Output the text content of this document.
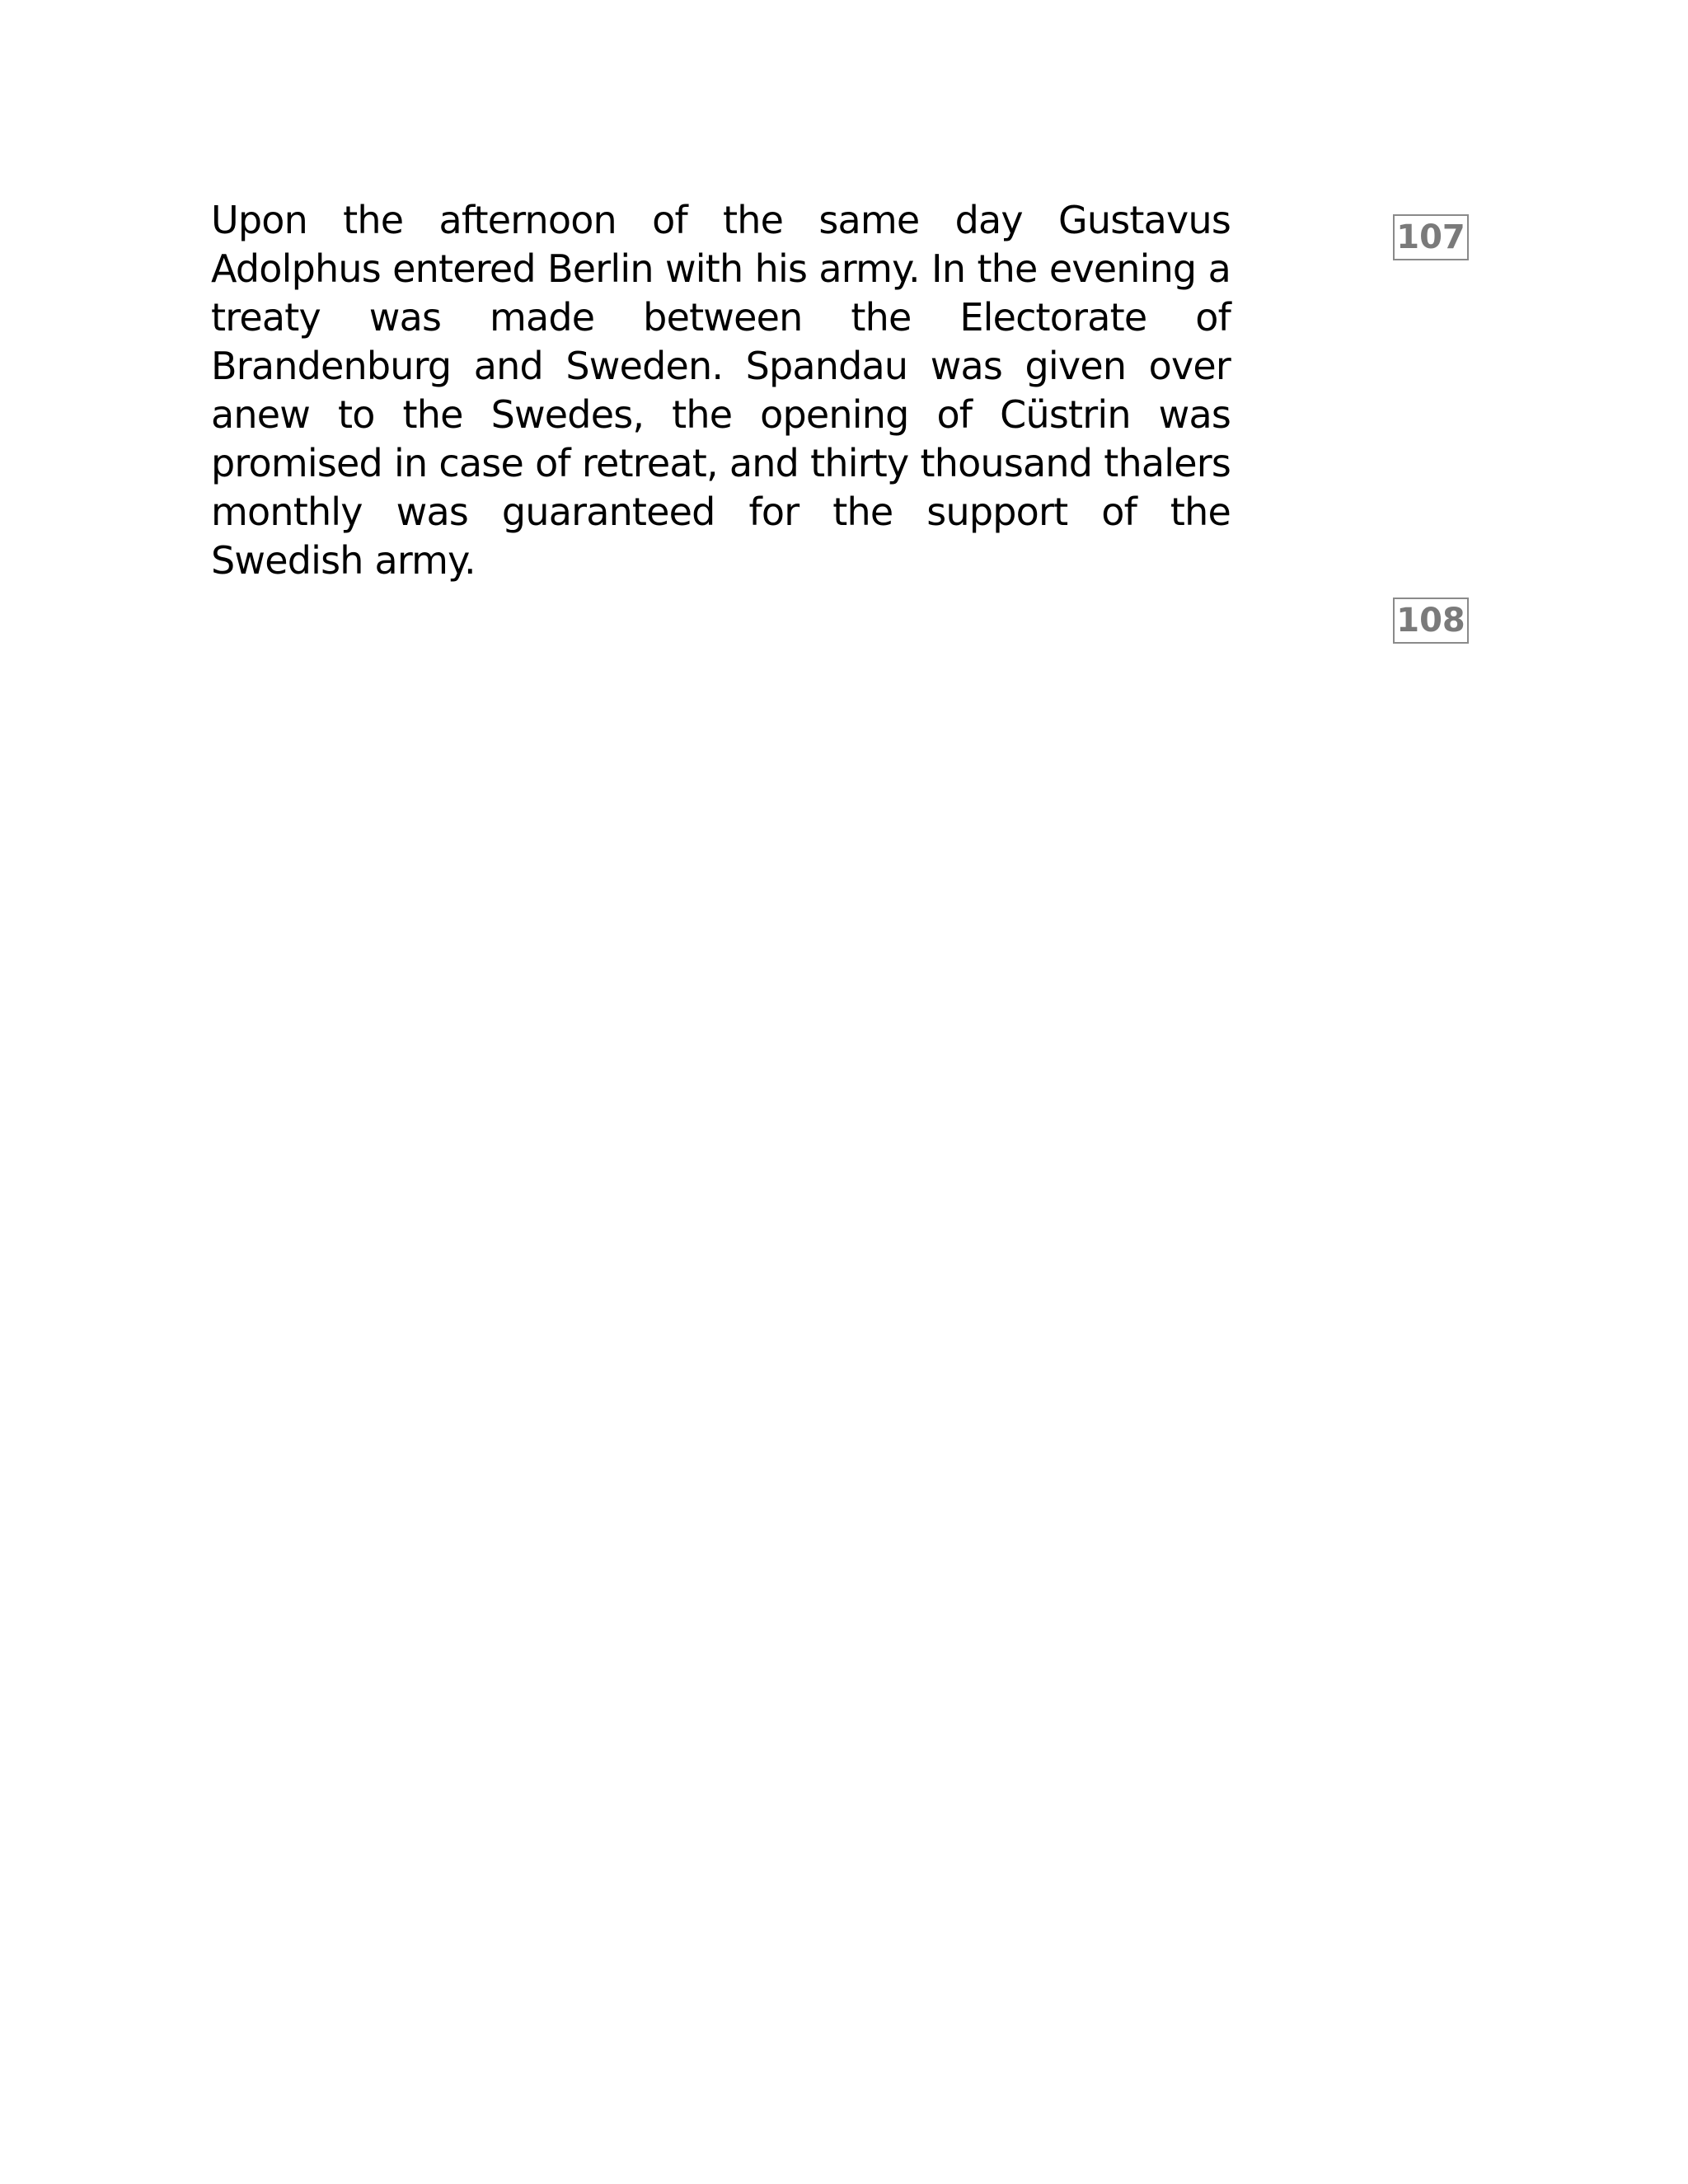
Upon the afternoon of the same day Gustavus Adolphus entered Berlin with his army. In the evening a treaty was made between the Electorate of Brandenburg and Sweden. Spandau was given over anew to the Swedes, the opening of Cüstrin was promised in case of retreat, and thirty thousand thalers monthly was guaranteed for the support of the Swedish army.

107
108
